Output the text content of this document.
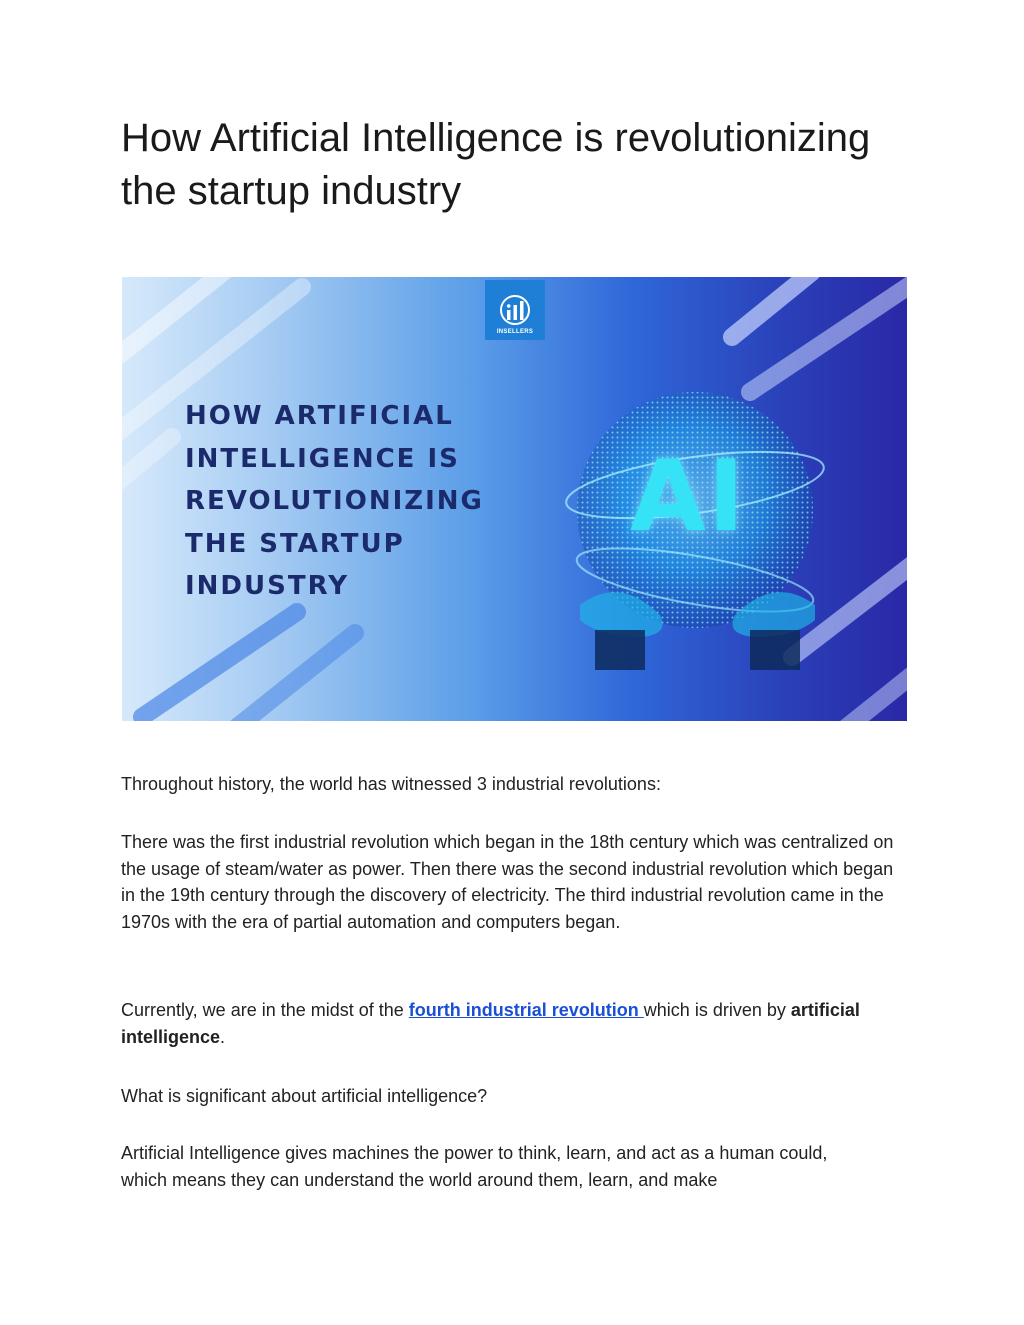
How Artificial Intelligence is revolutionizing the startup industry
INSELLERS
HOW ARTIFICIAL
INTELLIGENCE IS
REVOLUTIONIZING
THE STARTUP
INDUSTRY
AI

Throughout history, the world has witnessed 3 industrial revolutions:

There was the first industrial revolution which began in the 18th century which was centralized on the usage of steam/water as power. Then there was the second industrial revolution which began in the 19th century through the discovery of electricity. The third industrial revolution came in the 1970s with the era of partial automation and computers began.

Currently, we are in the midst of the fourth industrial revolution which is driven by artificial intelligence.

What is significant about artificial intelligence?

Artificial Intelligence gives machines the power to think, learn, and act as a human could, which means they can understand the world around them, learn, and make
